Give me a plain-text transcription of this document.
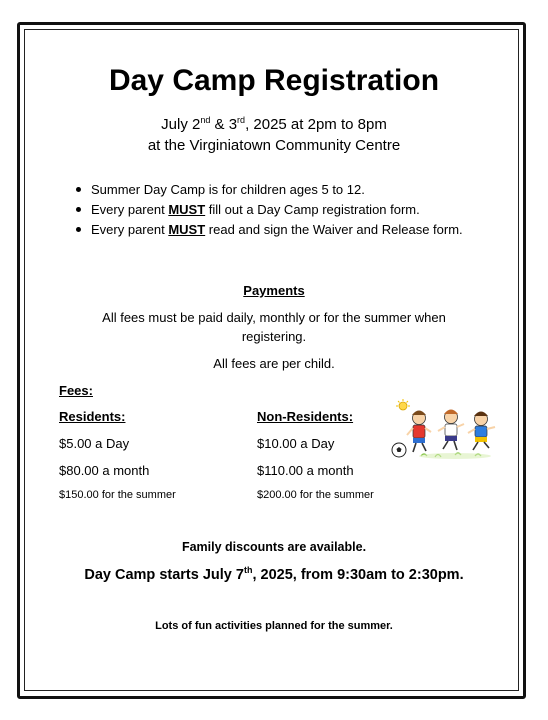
Day Camp Registration

July 2nd & 3rd, 2025 at 2pm to 8pm

at the Virginiatown Community Centre

Summer Day Camp is for children ages 5 to 12.
Every parent MUST fill out a Day Camp registration form.
Every parent MUST read and sign the Waiver and Release form.

Payments

All fees must be paid daily, monthly or for the summer when

registering.

All fees are per child.

Fees:

Residents:

$5.00 a Day

$80.00 a month

$150.00 for the summer

Non-Residents:

$10.00 a Day

$110.00 a month

$200.00 for the summer

Family discounts are available.

Day Camp starts July 7th, 2025, from 9:30am to 2:30pm.

Lots of fun activities planned for the summer.
